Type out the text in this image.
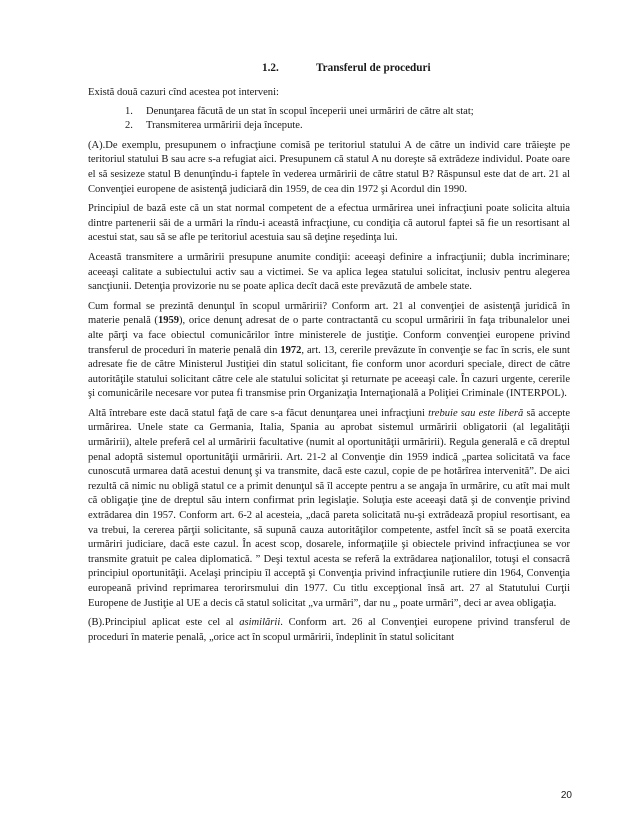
1.2.	Transferul de proceduri

Există două cazuri cînd acestea pot interveni:

1. Denunţarea făcută de un stat în scopul începerii unei urmăriri de către alt stat;
2. Transmiterea urmăririi deja începute.

(A).De exemplu, presupunem o infracţiune comisă pe teritoriul statului A de către un individ care trăieşte pe teritoriul statului B sau acre s-a refugiat aici. Presupunem că statul A nu doreşte să extrădeze individul. Poate oare el să sesizeze statul B denunţîndu-i faptele în vederea urmăririi de către statul B? Răspunsul este dat de art. 21 al Convenţiei europene de asistenţă judiciară din 1959, de cea din 1972 şi Acordul din 1990.

Principiul de bază este că un stat normal competent de a efectua urmărirea unei infracţiuni poate solicita altuia dintre partenerii săi de a urmări la rîndu-i această infracţiune, cu condiţia că autorul faptei să fie un resortisant al acestui stat, sau să se afle pe teritoriul acestuia sau să deţine reşedinţa lui.

Această transmitere a urmăririi presupune anumite condiţii: aceeaşi definire a infracţiunii; dubla incriminare; aceeaşi calitate a subiectului activ sau a victimei. Se va aplica legea statului solicitat, inclusiv pentru alegerea sancţiunii. Detenţia provizorie nu se poate aplica decît dacă este prevăzută de ambele state.

Cum formal se prezintă denunţul în scopul urmăririi? Conform art. 21 al convenţiei de asistenţă juridică în materie penală (1959), orice denunţ adresat de o parte contractantă cu scopul urmăririi în faţa tribunalelor unei alte părţi va face obiectul comunicărilor între ministerele de justiţie. Conform convenţiei europene privind transferul de proceduri în materie penală din 1972, art. 13, cererile prevăzute în convenţie se fac în scris, ele sunt adresate fie de către Ministerul Justiţiei din statul solicitant, fie conform unor acorduri speciale, direct de către autorităţile statului solicitant către cele ale statului solicitat şi returnate pe aceeaşi cale. În cazuri urgente, cererile şi comunicările necesare vor putea fi transmise prin Organizaţia Internaţională a Poliţiei Criminale (INTERPOL).

Altă întrebare este dacă statul faţă de care s-a făcut denunţarea unei infracţiuni trebuie sau este liberă să accepte urmărirea. Unele state ca Germania, Italia, Spania au aprobat sistemul urmăririi obligatorii (al legalităţii urmăririi), altele preferă cel al urmăririi facultative (numit al oportunităţii urmăririi). Regula generală e că dreptul penal adoptă sistemul oportunităţii urmăririi. Art. 21-2 al Convenţie din 1959 indică „partea solicitată va face cunoscută urmarea dată acestui denunţ şi va transmite, dacă este cazul, copie de pe hotărîrea intervenită”. De aici rezultă că nimic nu obligă statul ce a primit denunţul să îl accepte pentru a se angaja în urmărire, cu atît mai mult că obligaţie ţine de dreptul său intern confirmat prin legislaţie. Soluţia este aceeaşi dată şi de convenţie privind extrădarea din 1957. Conform art. 6-2 al acesteia, „dacă pareta solicitată nu-şi extrădează propiul resortisant, ea va trebui, la cererea părţii solicitante, să supună cauza autorităţilor competente, astfel încît să se poată exercita urmăriri judiciare, dacă este cazul. În acest scop, dosarele, informaţiile şi obiectele privind infracţiunea se vor transmite gratuit pe calea diplomatică. ” Deşi textul acesta se referă la extrădarea naţionalilor, totuşi el consacră principiul oportunităţii. Acelaşi principiu îl acceptă şi Convenţia privind infracţiunile rutiere din 1964, Convenţia europeană privind reprimarea terorirsmului din 1977. Cu titlu excepţional însă art. 27 al Statutului Curţii Europene de Justiţie al UE a decis că statul solicitat „va urmări”, dar nu „ poate urmări”, deci ar avea obligaţia.

(B).Principiul aplicat este cel al asimilării. Conform art. 26 al Convenţiei europene privind transferul de proceduri în materie penală, „orice act în scopul urmăririi, îndeplinit în statul solicitant

20
